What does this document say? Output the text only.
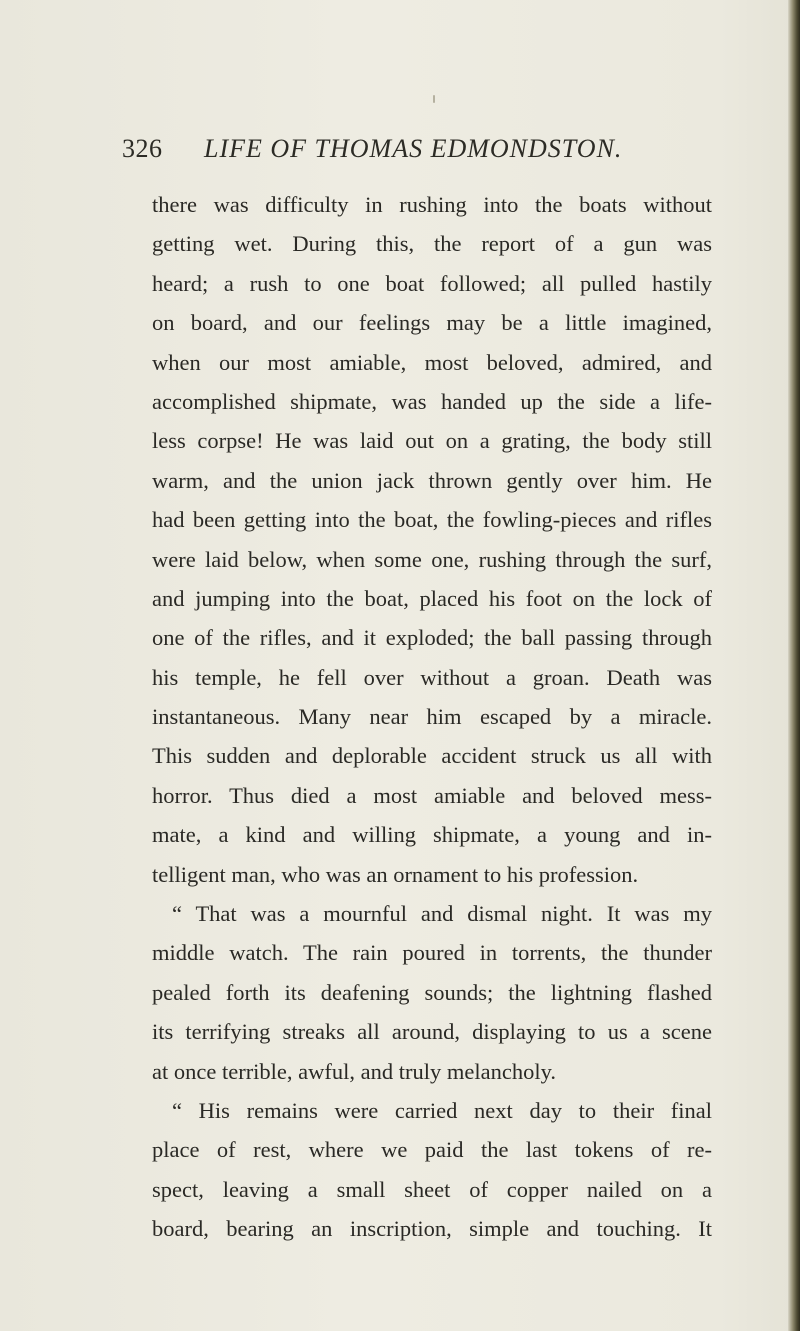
326 LIFE OF THOMAS EDMONDSTON.
there was difficulty in rushing into the boats without
getting wet. During this, the report of a gun was
heard; a rush to one boat followed; all pulled hastily
on board, and our feelings may be a little imagined,
when our most amiable, most beloved, admired, and
accomplished shipmate, was handed up the side a life-
less corpse! He was laid out on a grating, the body still
warm, and the union jack thrown gently over him. He
had been getting into the boat, the fowling-pieces and rifles
were laid below, when some one, rushing through the surf,
and jumping into the boat, placed his foot on the lock of
one of the rifles, and it exploded; the ball passing through
his temple, he fell over without a groan. Death was
instantaneous. Many near him escaped by a miracle.
This sudden and deplorable accident struck us all with
horror. Thus died a most amiable and beloved mess-
mate, a kind and willing shipmate, a young and in-
telligent man, who was an ornament to his profession.
“ That was a mournful and dismal night. It was my
middle watch. The rain poured in torrents, the thunder
pealed forth its deafening sounds; the lightning flashed
its terrifying streaks all around, displaying to us a scene
at once terrible, awful, and truly melancholy.
“ His remains were carried next day to their final
place of rest, where we paid the last tokens of re-
spect, leaving a small sheet of copper nailed on a
board, bearing an inscription, simple and touching. It
